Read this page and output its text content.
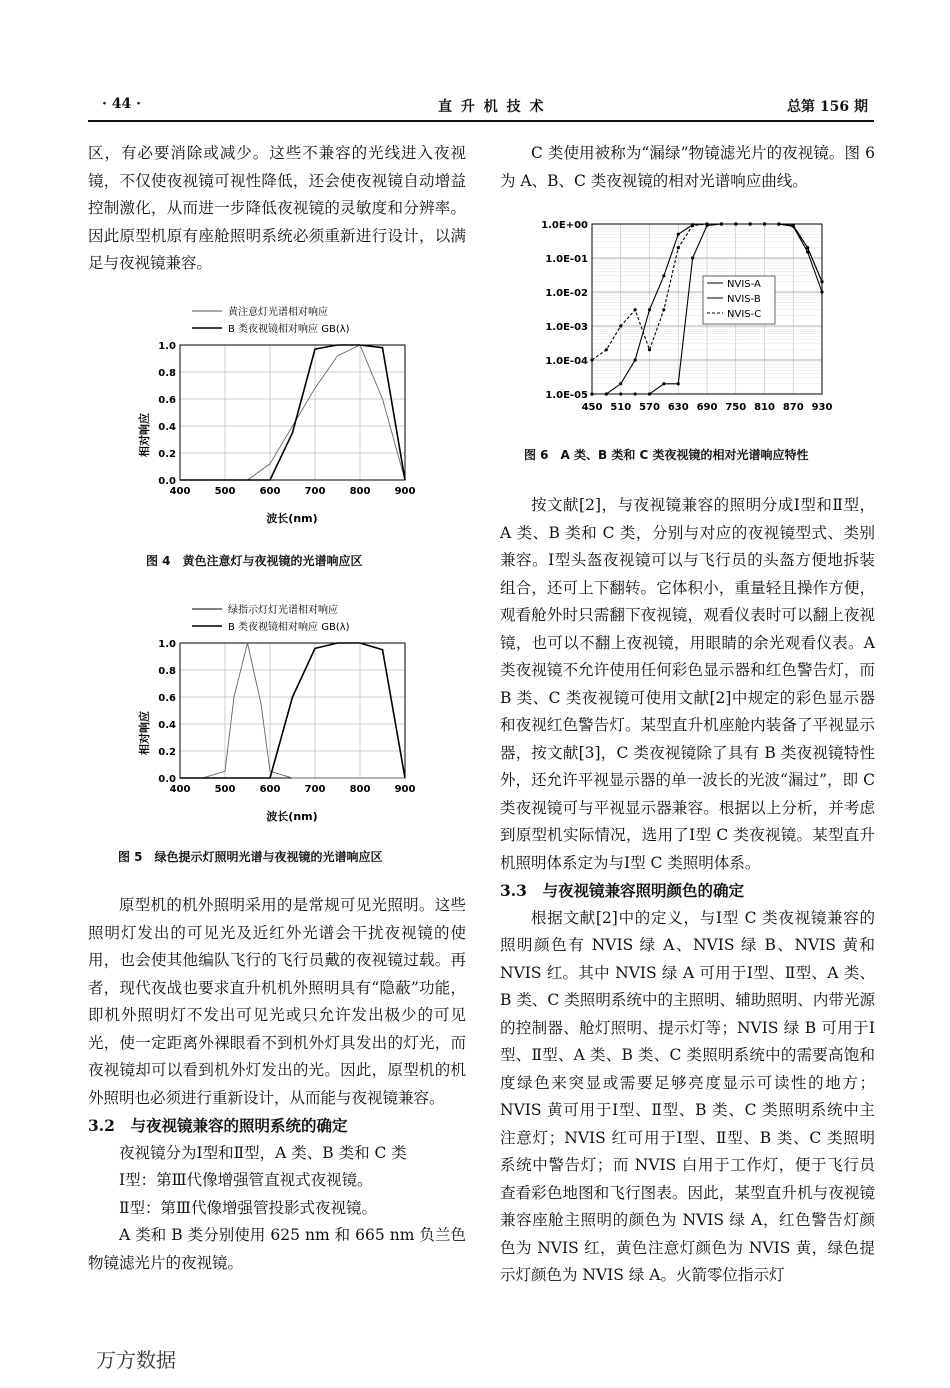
· 44 ·	直 升 机 技 术	总第 156 期

区，有必要消除或减少。这些不兼容的光线进入夜视镜，不仅使夜视镜可视性降低，还会使夜视镜自动增益控制激化，从而进一步降低夜视镜的灵敏度和分辨率。因此原型机原有座舱照明系统必须重新进行设计，以满足与夜视镜兼容。

黄注意灯光谱相对响应
B 类夜视镜相对响应 GB(λ)
400 500 600 700 800 900
0.0
0.2
0.4
0.6
0.8
1.0
相对响应
波长(nm)
图 4　黄色注意灯与夜视镜的光谱响应区
绿指示灯灯光谱相对响应
B 类夜视镜相对响应 GB(λ)
400 500 600 700 800 900
0.0
0.2
0.4
0.6
0.8
1.0
相对响应
波长(nm)
图 5　绿色提示灯照明光谱与夜视镜的光谱响应区

原型机的机外照明采用的是常规可见光照明。这些照明灯发出的可见光及近红外光谱会干扰夜视镜的使用，也会使其他编队飞行的飞行员戴的夜视镜过载。再者，现代夜战也要求直升机机外照明具有“隐蔽”功能，即机外照明灯不发出可见光或只允许发出极少的可见光，使一定距离外裸眼看不到机外灯具发出的灯光，而夜视镜却可以看到机外灯发出的光。因此，原型机的机外照明也必须进行重新设计，从而能与夜视镜兼容。

3.2　与夜视镜兼容的照明系统的确定

夜视镜分为Ⅰ型和Ⅱ型，A 类、B 类和 C 类

Ⅰ型：第Ⅲ代像增强管直视式夜视镜。

Ⅱ型：第Ⅲ代像增强管投影式夜视镜。

A 类和 B 类分别使用 625 nm 和 665 nm 负兰色物镜滤光片的夜视镜。

C 类使用被称为“漏绿”物镜滤光片的夜视镜。图 6 为 A、B、C 类夜视镜的相对光谱响应曲线。

450 510 570 630 690 750 810 870 930
1.0E+00
1.0E-01
1.0E-02
1.0E-03
1.0E-04
1.0E-05
NVIS-A
NVIS-B
NVIS-C
图 6　A 类、B 类和 C 类夜视镜的相对光谱响应特性

按文献[2]，与夜视镜兼容的照明分成Ⅰ型和Ⅱ型，A 类、B 类和 C 类，分别与对应的夜视镜型式、类别兼容。Ⅰ型头盔夜视镜可以与飞行员的头盔方便地拆装组合，还可上下翻转。它体积小，重量轻且操作方便，观看舱外时只需翻下夜视镜，观看仪表时可以翻上夜视镜，也可以不翻上夜视镜，用眼睛的余光观看仪表。A 类夜视镜不允许使用任何彩色显示器和红色警告灯，而 B 类、C 类夜视镜可使用文献[2]中规定的彩色显示器和夜视红色警告灯。某型直升机座舱内装备了平视显示器，按文献[3]，C 类夜视镜除了具有 B 类夜视镜特性外，还允许平视显示器的单一波长的光波“漏过”，即 C 类夜视镜可与平视显示器兼容。根据以上分析，并考虑到原型机实际情况，选用了Ⅰ型 C 类夜视镜。某型直升机照明体系定为与Ⅰ型 C 类照明体系。

3.3　与夜视镜兼容照明颜色的确定

根据文献[2]中的定义，与Ⅰ型 C 类夜视镜兼容的照明颜色有 NVIS 绿 A、NVIS 绿 B、NVIS 黄和 NVIS 红。其中 NVIS 绿 A 可用于Ⅰ型、Ⅱ型、A 类、B 类、C 类照明系统中的主照明、辅助照明、内带光源的控制器、舱灯照明、提示灯等；NVIS 绿 B 可用于Ⅰ型、Ⅱ型、A 类、B 类、C 类照明系统中的需要高饱和度绿色来突显或需要足够亮度显示可读性的地方；NVIS 黄可用于Ⅰ型、Ⅱ型、B 类、C 类照明系统中主注意灯；NVIS 红可用于Ⅰ型、Ⅱ型、B 类、C 类照明系统中警告灯；而 NVIS 白用于工作灯，便于飞行员查看彩色地图和飞行图表。因此，某型直升机与夜视镜兼容座舱主照明的颜色为 NVIS 绿 A，红色警告灯颜色为 NVIS 红，黄色注意灯颜色为 NVIS 黄，绿色提示灯颜色为 NVIS 绿 A。火箭零位指示灯

万方数据
